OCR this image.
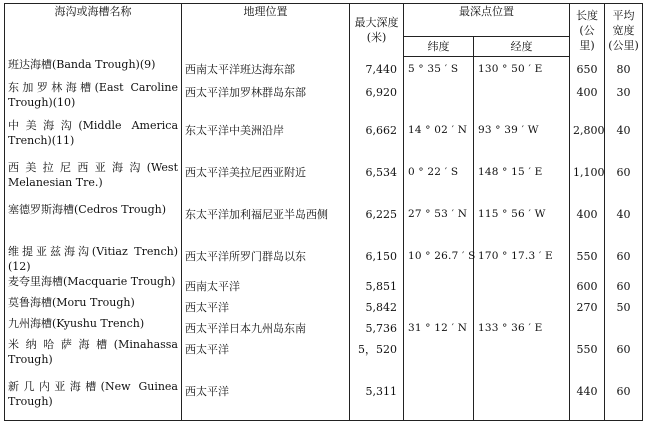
海沟或海槽名称	地理位置	最大深度(米)	最深点位置		长度(公里)	平均宽度(公里)
			纬度	经度		
班达海槽(Banda Trough)(9)	西南太平洋班达海东部	7,440	5 ° 35 ′ S	130 ° 50 ′ E	650	80
东加罗林海槽(East Caroline Trough)(10)	西太平洋加罗林群岛东部	6,920			400	30
中美海沟(Middle America Trench)(11)	东太平洋中美洲沿岸	6,662	14 ° 02 ′ N	93 ° 39 ′ W	2,800	40
西美拉尼西亚海沟(West Melanesian Tre.)	西太平洋美拉尼西亚附近	6,534	0 ° 22 ′ S	148 ° 15 ′ E	1,100	60
塞德罗斯海槽(Cedros Trough)	东太平洋加利福尼亚半岛西侧	6,225	27 ° 53 ′ N	115 ° 56 ′ W	400	40
维提亚兹海沟(Vitiaz Trench)(12)	西太平洋所罗门群岛以东	6,150	10 ° 26.7 ′ S	170 ° 17.3 ′ E	550	60
麦夸里海槽(Macquarie Trough)	西南太平洋	5,851			600	60
莫鲁海槽(Moru Trough)	西太平洋	5,842			270	50
九州海槽(Kyushu Trench)	西太平洋日本九州岛东南	5,736	31 ° 12 ′ N	133 ° 36 ′ E		
米纳哈萨海槽(Minahassa Trough)	西太平洋	5，520			550	60
新几内亚海槽(New Guinea Trough)	西太平洋	5,311			440	60
